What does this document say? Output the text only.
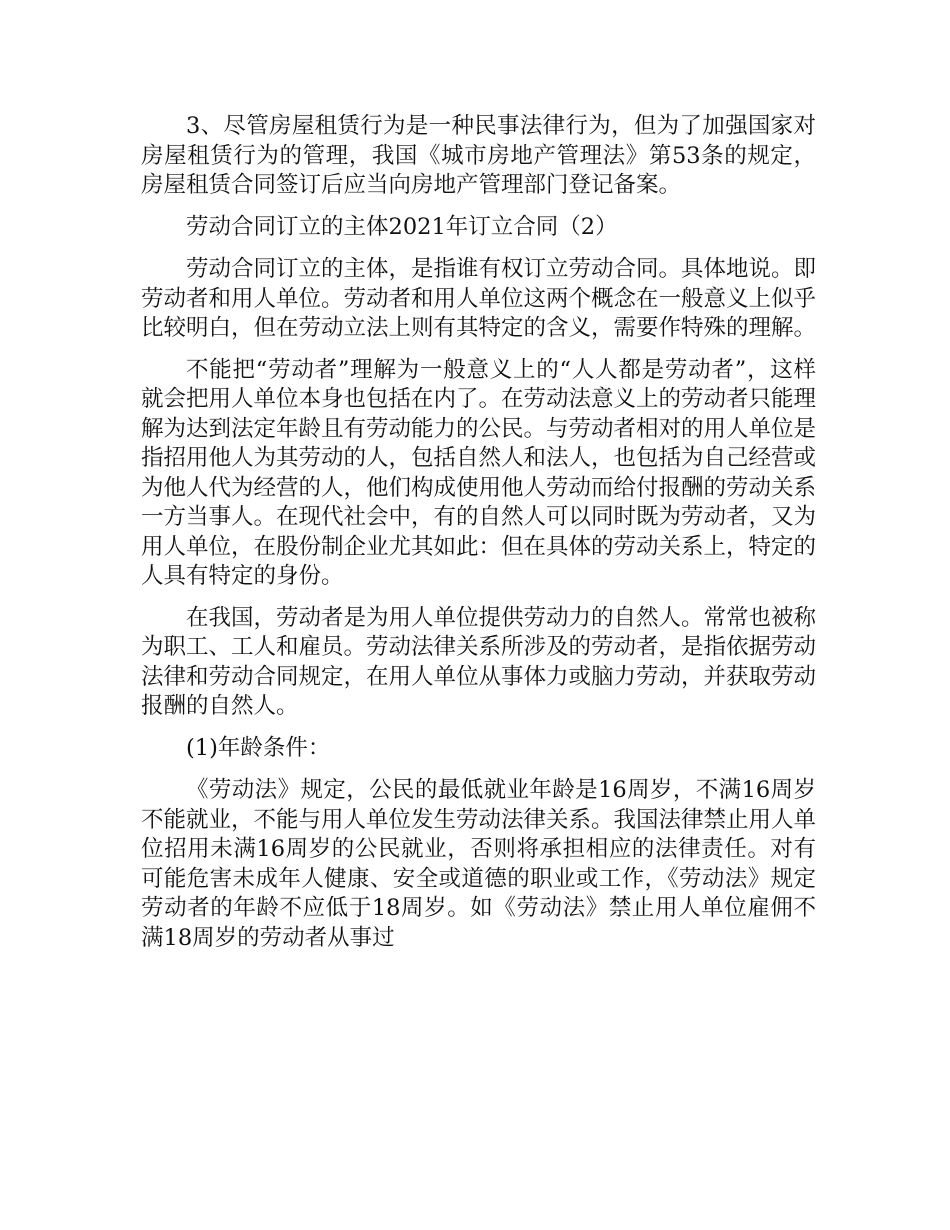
3、尽管房屋租赁行为是一种民事法律行为，但为了加强国家对房屋租赁行为的管理，我国《城市房地产管理法》第53条的规定，房屋租赁合同签订后应当向房地产管理部门登记备案。

劳动合同订立的主体2021年订立合同（2）

劳动合同订立的主体，是指谁有权订立劳动合同。具体地说。即劳动者和用人单位。劳动者和用人单位这两个概念在一般意义上似乎比较明白，但在劳动立法上则有其特定的含义，需要作特殊的理解。

不能把“劳动者”理解为一般意义上的“人人都是劳动者”，这样就会把用人单位本身也包括在内了。在劳动法意义上的劳动者只能理解为达到法定年龄且有劳动能力的公民。与劳动者相对的用人单位是指招用他人为其劳动的人，包括自然人和法人，也包括为自己经营或为他人代为经营的人，他们构成使用他人劳动而给付报酬的劳动关系一方当事人。在现代社会中，有的自然人可以同时既为劳动者，又为用人单位，在股份制企业尤其如此：但在具体的劳动关系上，特定的人具有特定的身份。

在我国，劳动者是为用人单位提供劳动力的自然人。常常也被称为职工、工人和雇员。劳动法律关系所涉及的劳动者，是指依据劳动法律和劳动合同规定，在用人单位从事体力或脑力劳动，并获取劳动报酬的自然人。

(1)年龄条件：

《劳动法》规定，公民的最低就业年龄是16周岁，不满16周岁不能就业，不能与用人单位发生劳动法律关系。我国法律禁止用人单位招用未满16周岁的公民就业，否则将承担相应的法律责任。对有可能危害未成年人健康、安全或道德的职业或工作，《劳动法》规定劳动者的年龄不应低于18周岁。如《劳动法》禁止用人单位雇佣不满18周岁的劳动者从事过
